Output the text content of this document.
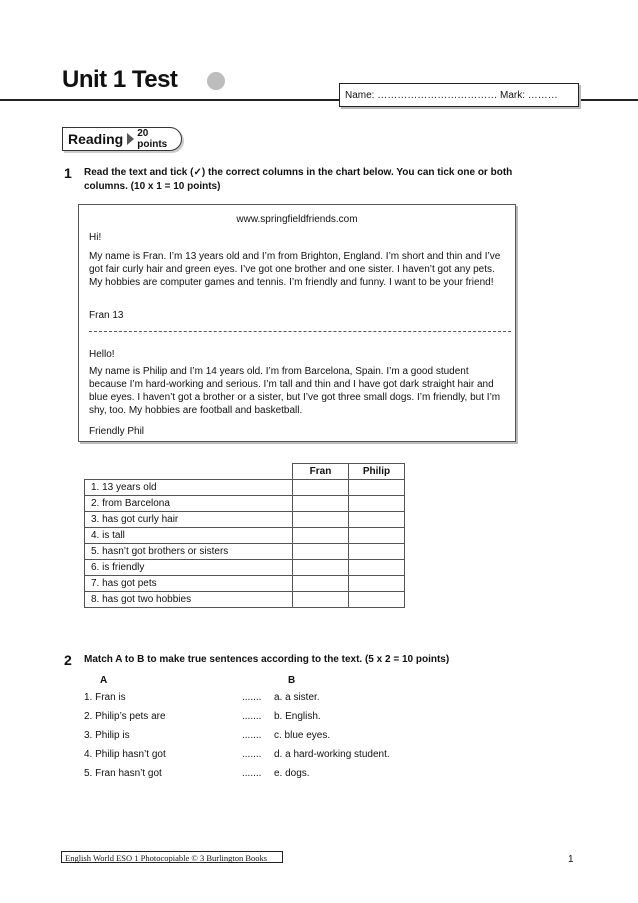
Unit 1 Test
Name: ……………………………… Mark: ………
Reading 20 points
1 Read the text and tick (✓) the correct columns in the chart below. You can tick one or both columns. (10 x 1 = 10 points)
www.springfieldfriends.com
Hi!
My name is Fran. I’m 13 years old and I’m from Brighton, England. I’m short and thin and I’ve got fair curly hair and green eyes. I’ve got one brother and one sister. I haven’t got any pets. My hobbies are computer games and tennis. I’m friendly and funny. I want to be your friend!
Fran 13
Hello!
My name is Philip and I’m 14 years old. I’m from Barcelona, Spain. I’m a good student because I’m hard-working and serious. I’m tall and thin and I have got dark straight hair and blue eyes. I haven’t got a brother or a sister, but I’ve got three small dogs. I’m friendly, but I’m shy, too. My hobbies are football and basketball.
Friendly Phil
	Fran	Philip
1. 13 years old		
2. from Barcelona		
3. has got curly hair		
4. is tall		
5. hasn’t got brothers or sisters		
6. is friendly		
7. has got pets		
8. has got two hobbies		
2 Match A to B to make true sentences according to the text. (5 x 2 = 10 points)
A	B
1. Fran is	....... a. a sister.
2. Philip’s pets are	....... b. English.
3. Philip is	....... c. blue eyes.
4. Philip hasn’t got	....... d. a hard-working student.
5. Fran hasn’t got	....... e. dogs.
English World ESO 1 Photocopiable © 3 Burlington Books	1
